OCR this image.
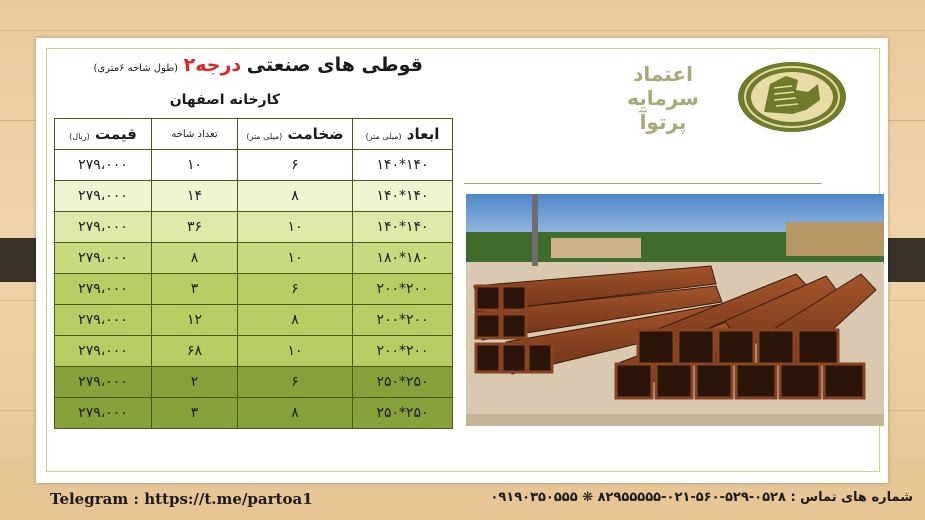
قوطی های صنعتی درجه۲ (طول شاخه ۶متری)
کارخانه اصفهان
ابعاد (میلی متر)	ضخامت (میلی متر)	تعداد شاخه	قیمت (ریال)
۱۴۰*۱۴۰	۶	۱۰	۲۷۹،۰۰۰
۱۴۰*۱۴۰	۸	۱۴	۲۷۹،۰۰۰
۱۴۰*۱۴۰	۱۰	۳۶	۲۷۹،۰۰۰
۱۸۰*۱۸۰	۱۰	۸	۲۷۹،۰۰۰
۲۰۰*۲۰۰	۶	۳	۲۷۹،۰۰۰
۲۰۰*۲۰۰	۸	۱۲	۲۷۹،۰۰۰
۲۰۰*۲۰۰	۱۰	۶۸	۲۷۹،۰۰۰
۲۵۰*۲۵۰	۶	۲	۲۷۹،۰۰۰
۲۵۰*۲۵۰	۸	۳	۲۷۹،۰۰۰
اعتماد
سرمایه
پرتوآ
Telegram : https://t.me/partoa1	شماره های تماس : ۰۵۲۸-۵۲۹-۵۶۰-۰۲۱-۸۲۹۵۵۵۵۵ ❋ ۰۹۱۹۰۳۵۰۵۵۵
